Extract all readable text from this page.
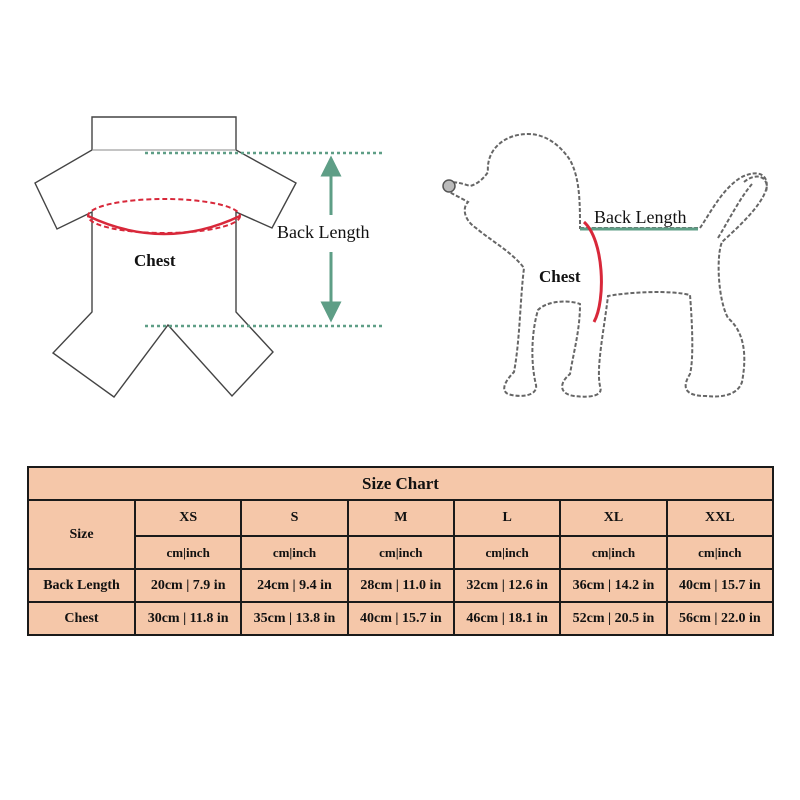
Back Length
Chest
Back Length
Chest
Size Chart						
Size	XS	S	M	L	XL	XXL
	cm|inch	cm|inch	cm|inch	cm|inch	cm|inch	cm|inch
Back Length	20cm | 7.9 in	24cm | 9.4 in	28cm | 11.0 in	32cm | 12.6 in	36cm | 14.2 in	40cm | 15.7 in
Chest	30cm | 11.8 in	35cm | 13.8 in	40cm | 15.7 in	46cm | 18.1 in	52cm | 20.5 in	56cm | 22.0 in
